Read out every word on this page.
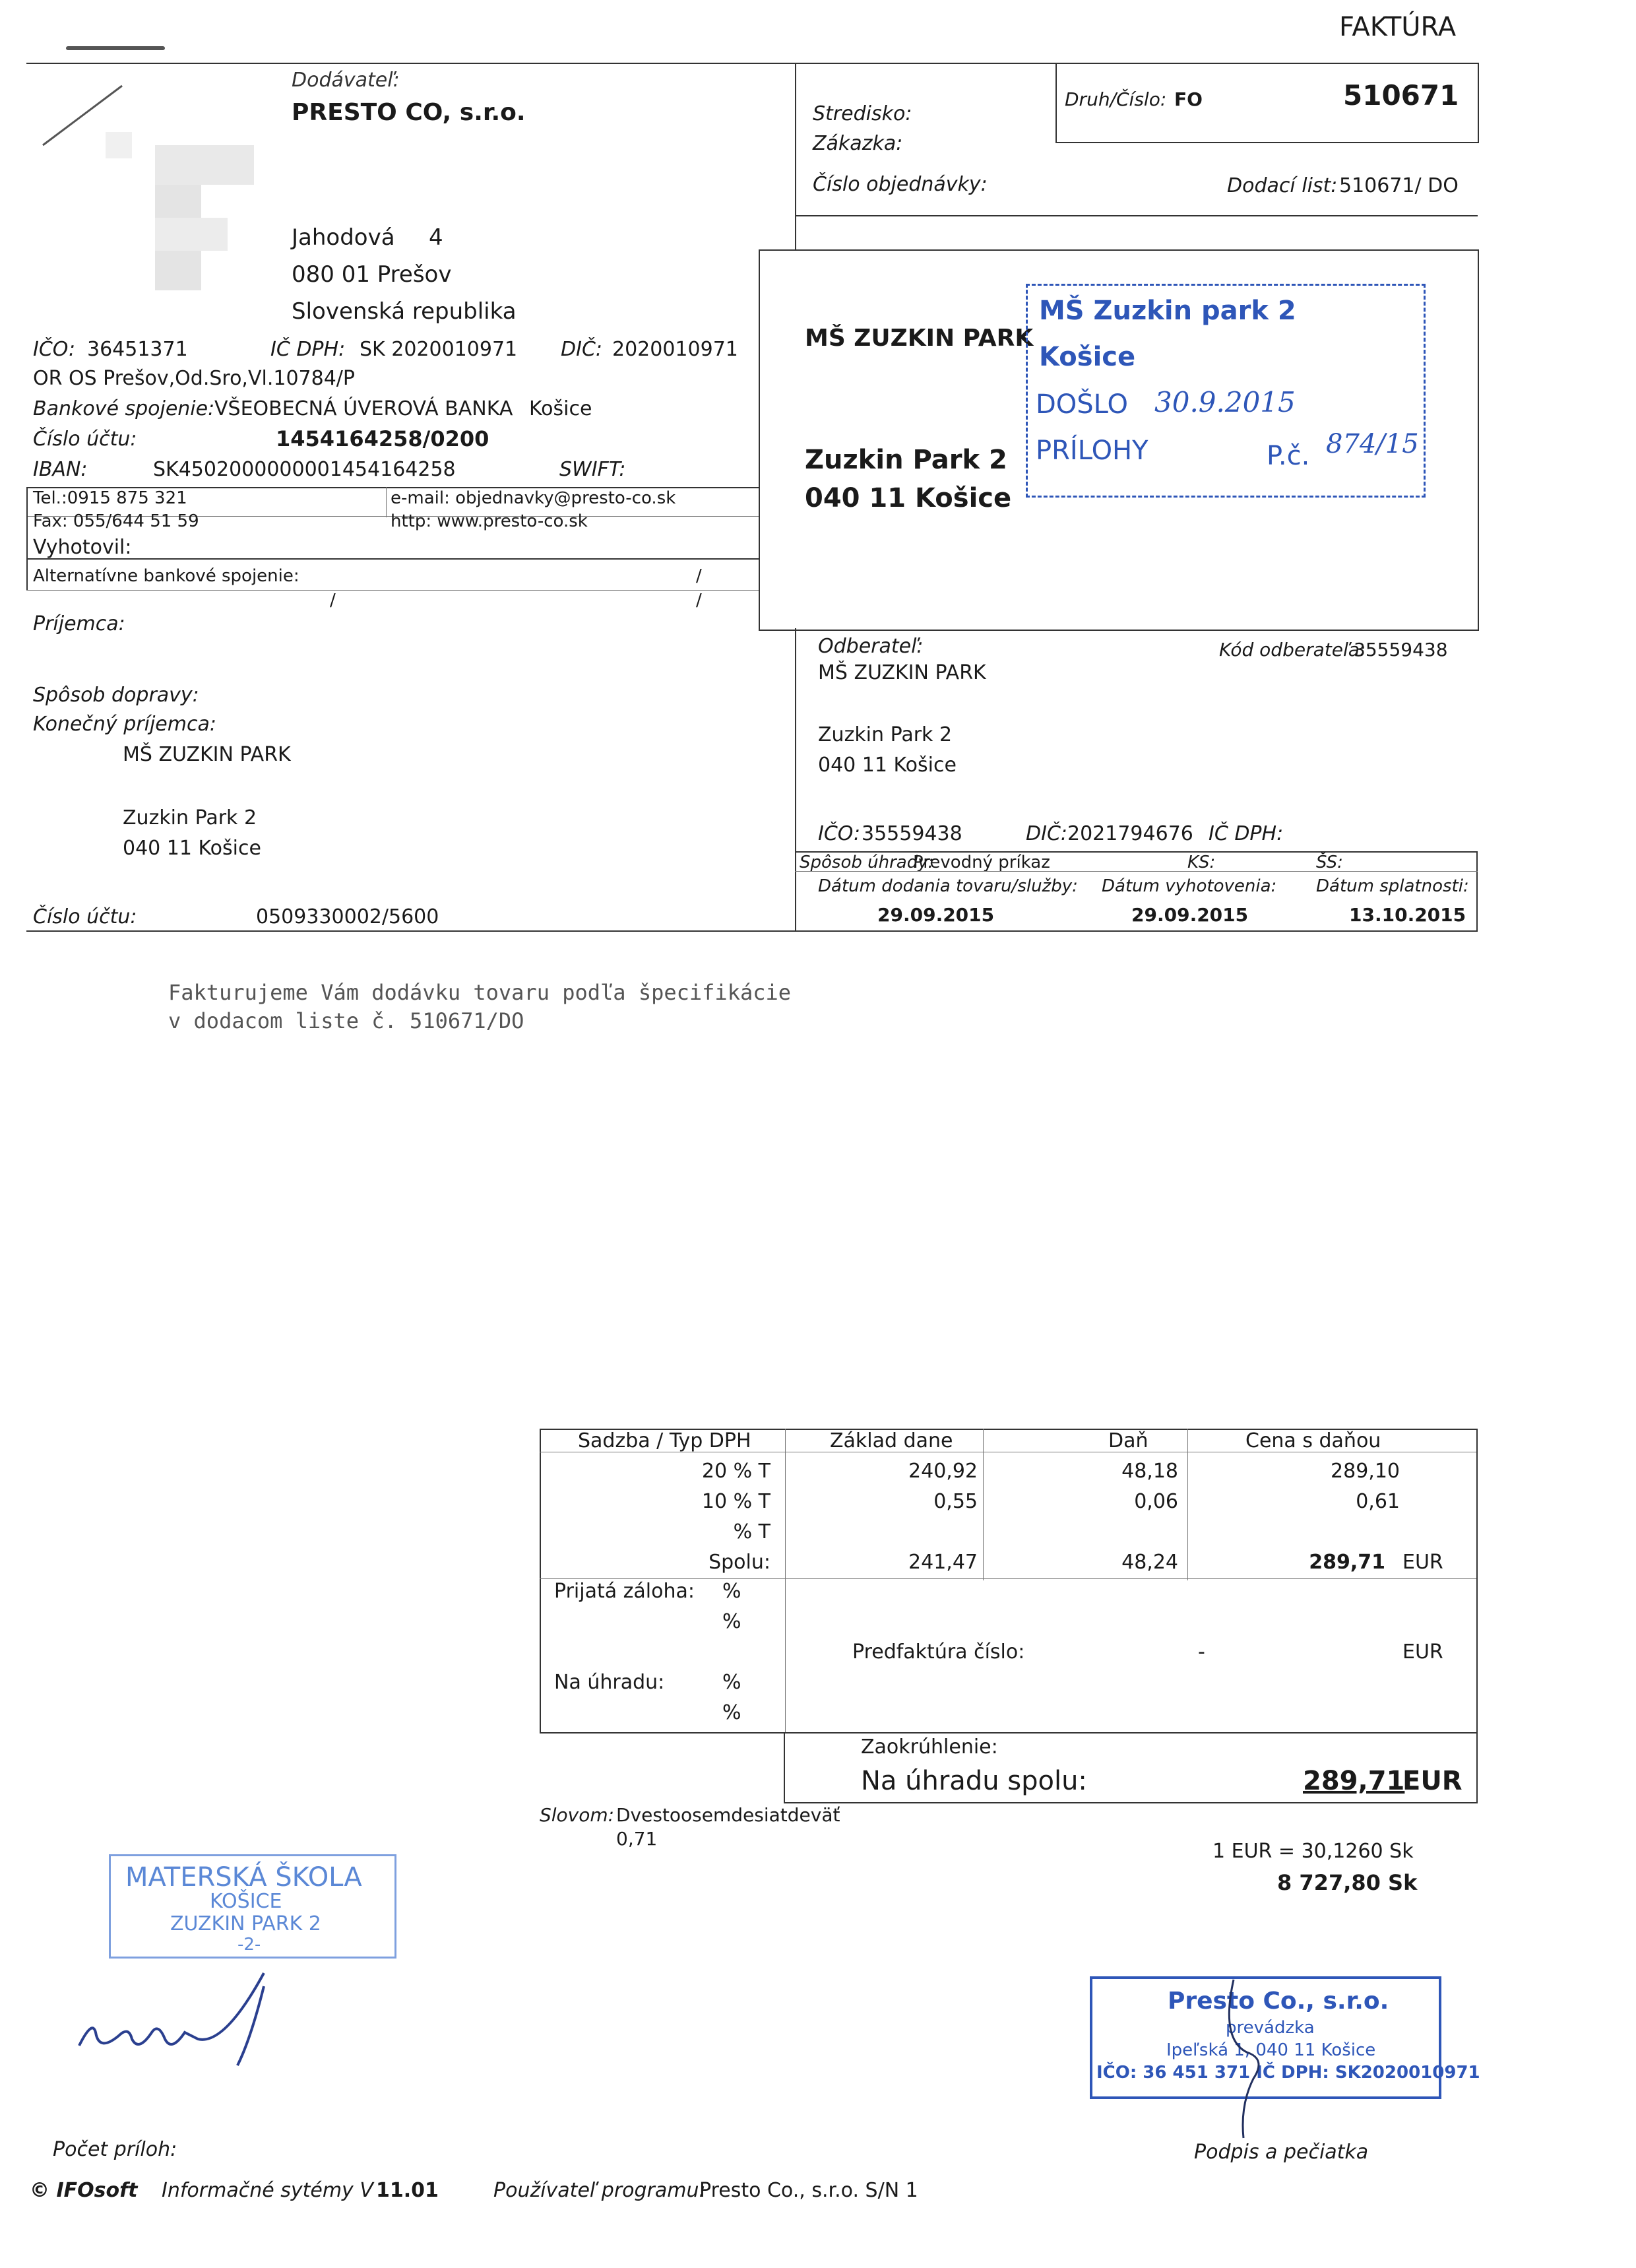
FAKTÚRA
Dodávateľ:
PRESTO CO, s.r.o.
Jahodová 4
080 01 Prešov
Slovenská republika
IČO: 36451371	IČ DPH: SK 2020010971 DIČ: 2020010971
OR OS Prešov,Od.Sro,Vl.10784/P
Bankové spojenie: VŠEOBECNÁ ÚVEROVÁ BANKA Košice
Číslo účtu:	1454164258/0200
IBAN:	SK4502000000001454164258	SWIFT:
Tel.:0915 875 321
Fax: 055/644 51 59
e-mail: objednavky@presto-co.sk
http: www.presto-co.sk
Vyhotovil:
Alternatívne bankové spojenie:	/
/	/
Stredisko:
Zákazka:
Číslo objednávky:
Druh/Číslo: FO	510671
Dodací list: 510671/ DO
MŠ ZUZKIN PARK
Zuzkin Park 2
040 11 Košice
MŠ Zuzkin park 2
Košice
DOŠLO 30.9.2015
PRÍLOHY	P.č. 874/15
Príjemca:
Spôsob dopravy:
Konečný príjemca:
MŠ ZUZKIN PARK
Zuzkin Park 2
040 11 Košice
Číslo účtu:	0509330002/5600
Odberateľ:	Kód odberateľa:
35559438
MŠ ZUZKIN PARK
Zuzkin Park 2
040 11 Košice
IČO: 35559438	DIČ: 2021794676 IČ DPH:
Spôsob úhrady:
Prevodný príkaz	KS:	ŠS:
Dátum dodania tovaru/služby: Dátum vyhotovenia: Dátum splatnosti:
29.09.2015	29.09.2015	13.10.2015
Fakturujeme Vám dodávku tovaru podľa špecifikácie
v dodacom liste č. 510671/DO
Sadzba / Typ DPH	Základ dane	Daň	Cena s daňou
20 % T	240,92	48,18	289,10
10 % T	0,55	0,06	0,61
% T
Spolu:	241,47	48,24	289,71 EUR
Prijatá záloha: %
%
Predfaktúra číslo:	-	EUR
Na úhradu:	%
%
Zaokrúhlenie:
Na úhradu spolu:	289,71
EUR
Slovom: Dvestoosemdesiatdeväť
0,71
1 EUR = 30,1260 Sk
8 727,80 Sk
MATERSKÁ ŠKOLA
KOŠICE
ZUZKIN PARK 2
-2-
Presto Co., s.r.o.
prevádzka
Ipeľská 1, 040 11 Košice
IČO: 36 451 371 IČ DPH: SK2020010971
Počet príloh:	Podpis a pečiatka
© IFOsoft Informačné sytémy V 11.01	Používateľ programu:
Presto Co., s.r.o. S/N 1
